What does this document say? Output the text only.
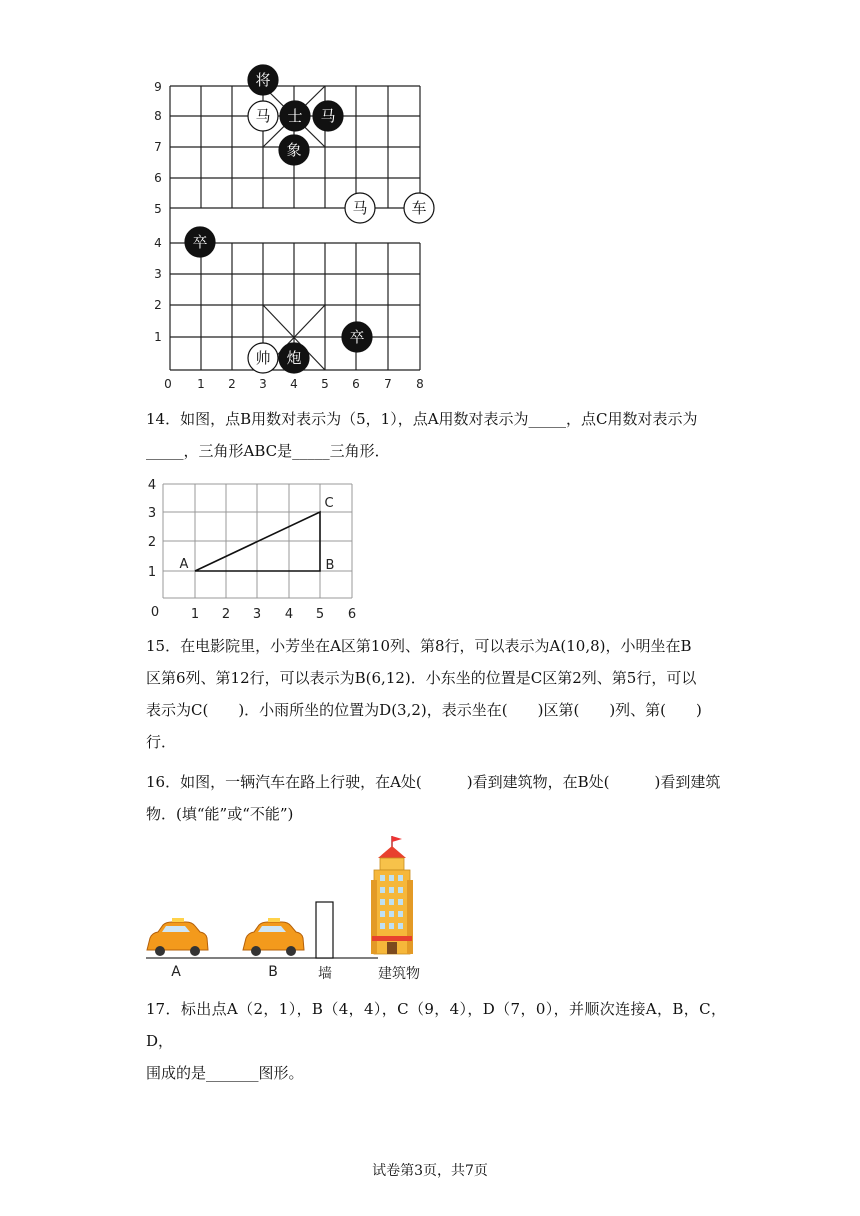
9
8
7
6
5
4
3
2
1
0 1 2 3 4 5 6 7 8
将
马 士 马
象
马	车
卒
卒
帅 炮
14．如图，点B用数对表示为（5，1），点A用数对表示为_____，点C用数对表示为
_____，三角形ABC是_____三角形．
4
3
2
1
0 1 2 3 4 5 6
A	B
C
15．在电影院里，小芳坐在A区第10列、第8行，可以表示为A(10,8)，小明坐在B
区第6列、第12行，可以表示为B(6,12)．小东坐的位置是C区第2列、第5行，可以
表示为C(　　)．小雨所坐的位置为D(3,2)，表示坐在(　　)区第(　　)列、第(　　)
行．
16．如图，一辆汽车在路上行驶，在A处(　　　)看到建筑物，在B处(　　　)看到建筑
物．(填“能”或“不能”)
A	B	墙	建筑物
17．标出点A（2，1），B（4，4），C（9，4），D（7，0），并顺次连接A，B，C，D，
围成的是_______图形。
试卷第3页，共7页
